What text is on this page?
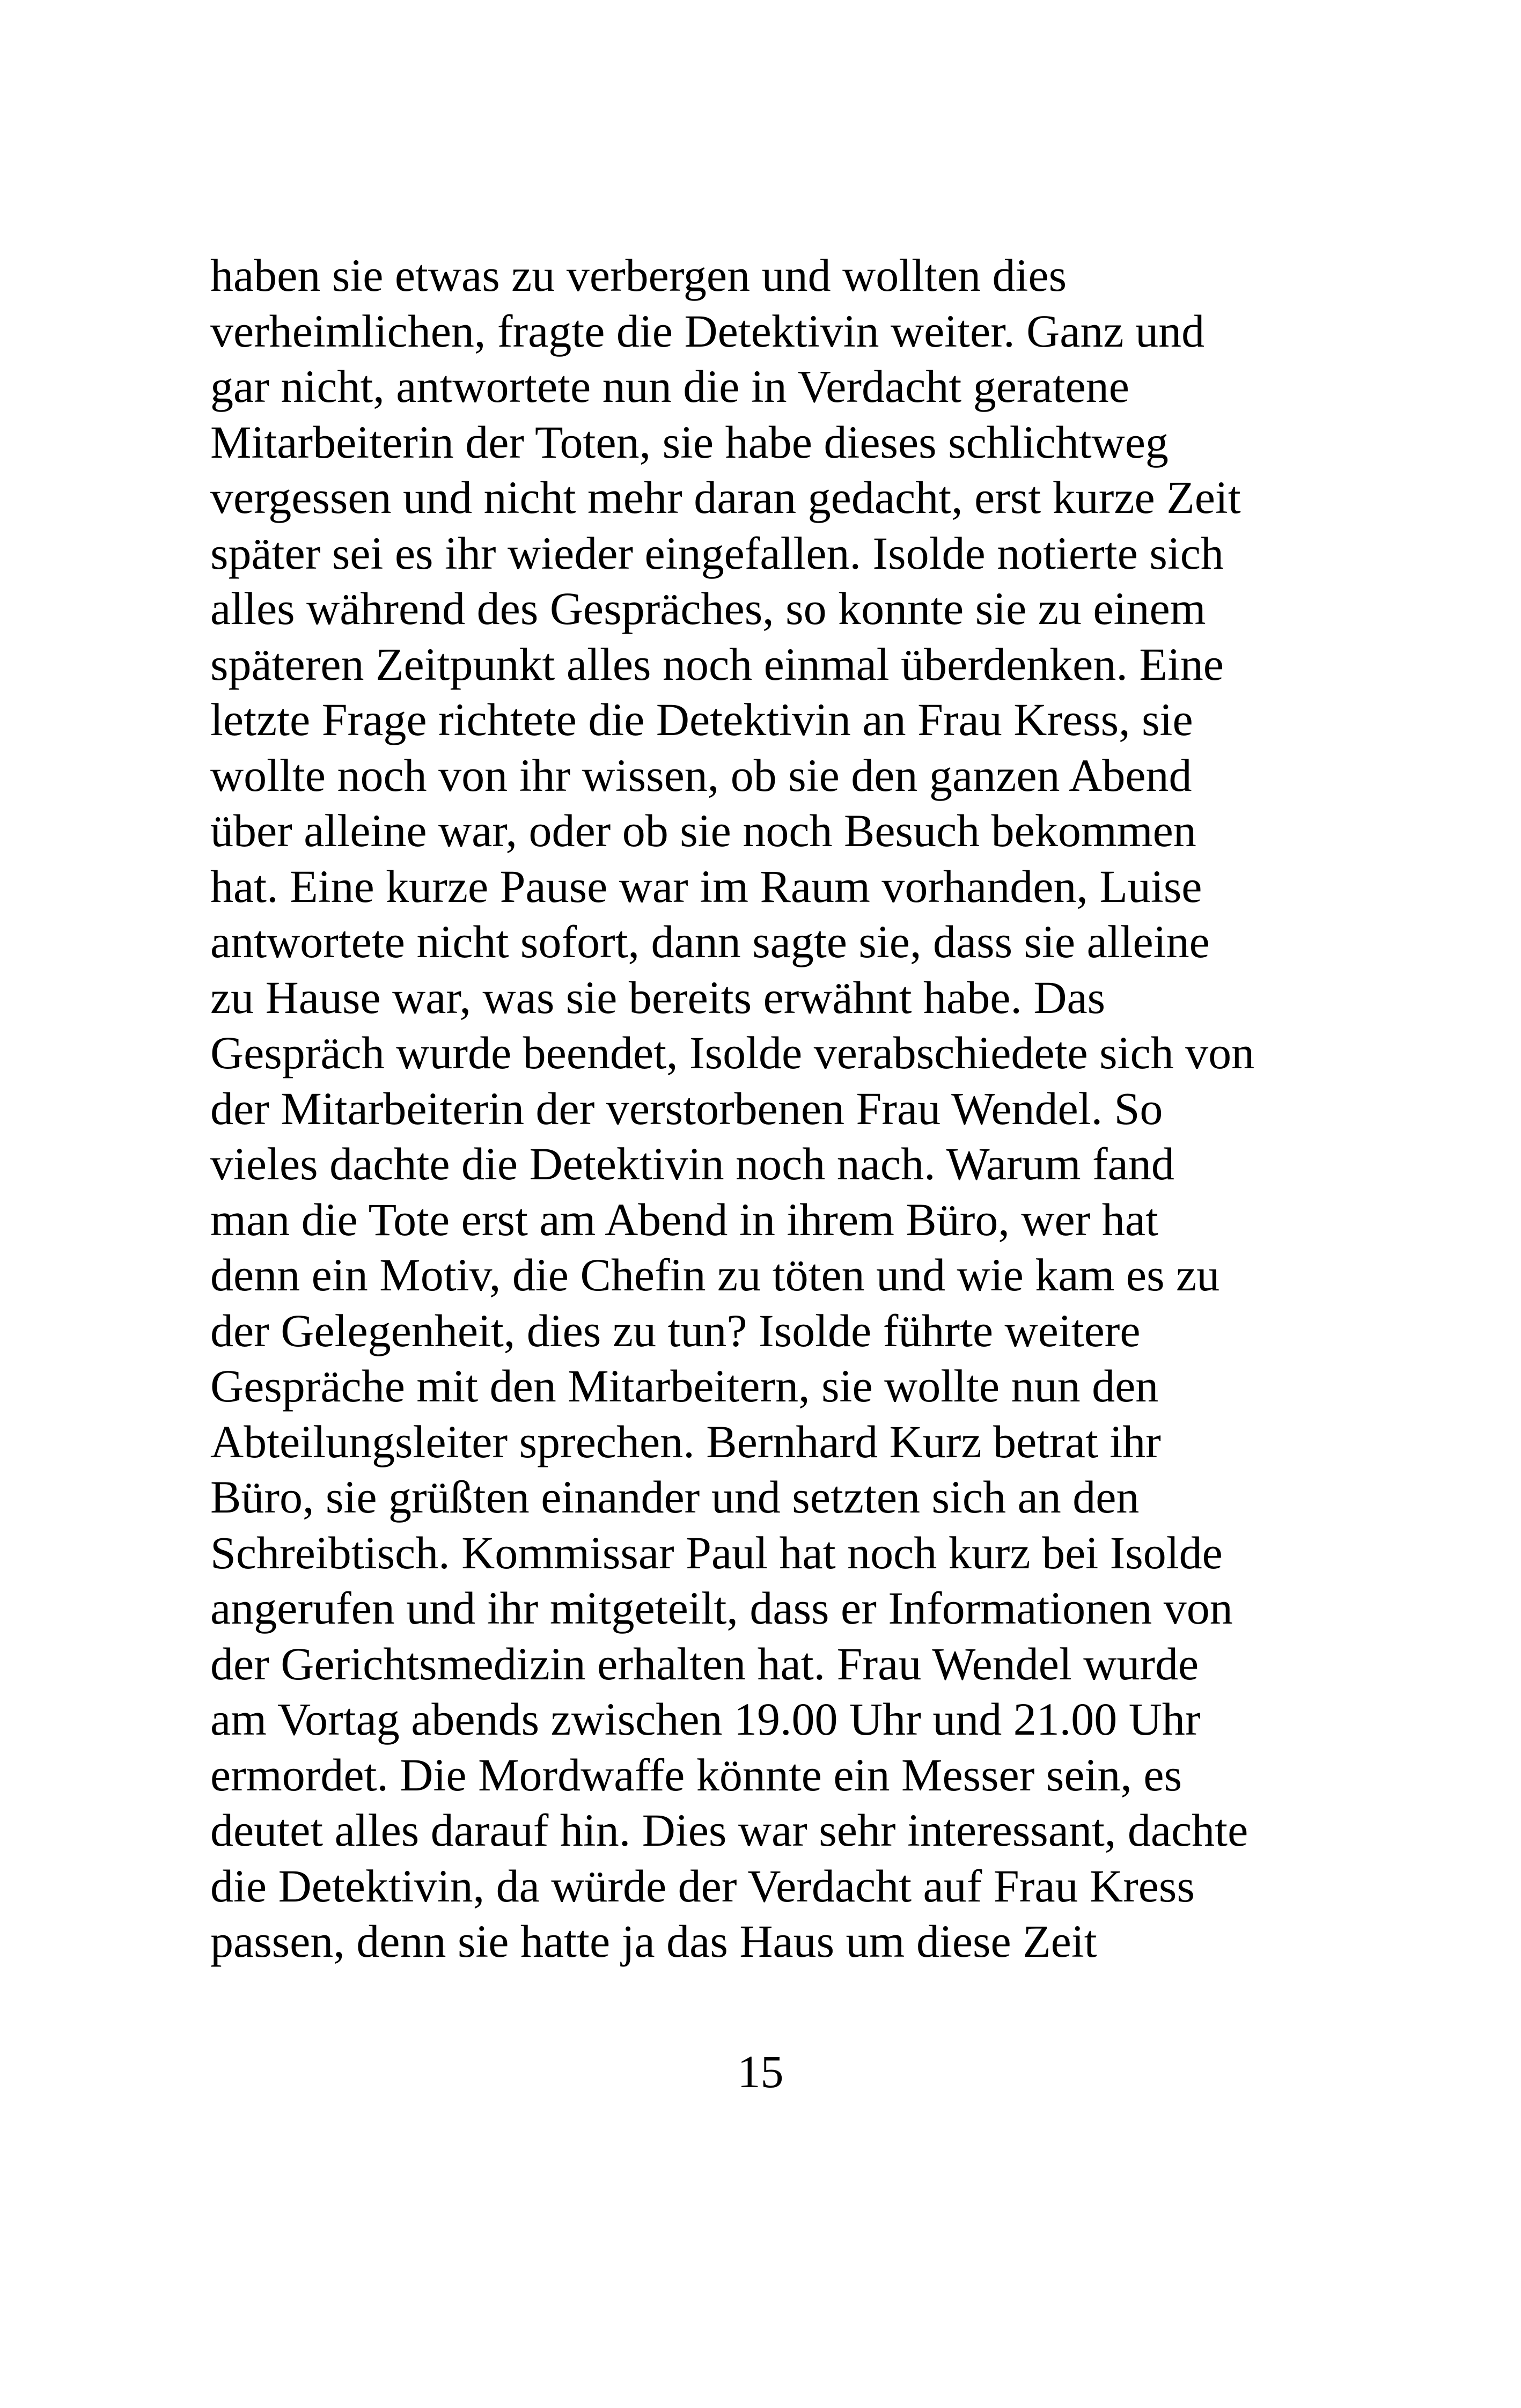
haben sie etwas zu verbergen und wollten dies
verheimlichen, fragte die Detektivin weiter. Ganz und
gar nicht, antwortete nun die in Verdacht geratene
Mitarbeiterin der Toten, sie habe dieses schlichtweg
vergessen und nicht mehr daran gedacht, erst kurze Zeit
später sei es ihr wieder eingefallen. Isolde notierte sich
alles während des Gespräches, so konnte sie zu einem
späteren Zeitpunkt alles noch einmal überdenken. Eine
letzte Frage richtete die Detektivin an Frau Kress, sie
wollte noch von ihr wissen, ob sie den ganzen Abend
über alleine war, oder ob sie noch Besuch bekommen
hat. Eine kurze Pause war im Raum vorhanden, Luise
antwortete nicht sofort, dann sagte sie, dass sie alleine
zu Hause war, was sie bereits erwähnt habe. Das
Gespräch wurde beendet, Isolde verabschiedete sich von
der Mitarbeiterin der verstorbenen Frau Wendel. So
vieles dachte die Detektivin noch nach. Warum fand
man die Tote erst am Abend in ihrem Büro, wer hat
denn ein Motiv, die Chefin zu töten und wie kam es zu
der Gelegenheit, dies zu tun? Isolde führte weitere
Gespräche mit den Mitarbeitern, sie wollte nun den
Abteilungsleiter sprechen. Bernhard Kurz betrat ihr
Büro, sie grüßten einander und setzten sich an den
Schreibtisch. Kommissar Paul hat noch kurz bei Isolde
angerufen und ihr mitgeteilt, dass er Informationen von
der Gerichtsmedizin erhalten hat. Frau Wendel wurde
am Vortag abends zwischen 19.00 Uhr und 21.00 Uhr
ermordet. Die Mordwaffe könnte ein Messer sein, es
deutet alles darauf hin. Dies war sehr interessant, dachte
die Detektivin, da würde der Verdacht auf Frau Kress
passen, denn sie hatte ja das Haus um diese Zeit
15
